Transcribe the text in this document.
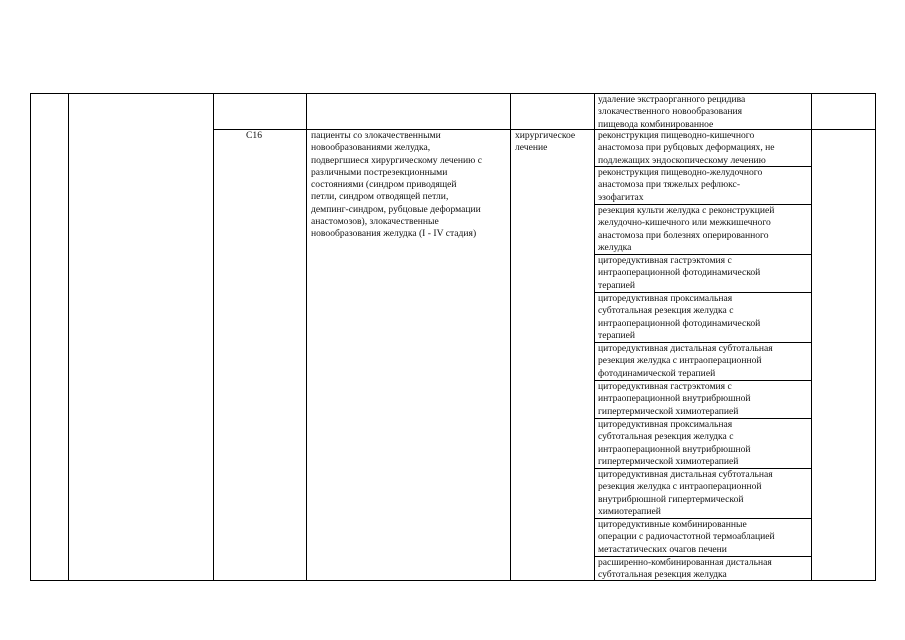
удаление экстраорганного рецидива
злокачественного новообразования
пищевода комбинированное
C16	пациенты со злокачественными
новообразованиями желудка,
подвергшиеся хирургическому лечению с
различными пострезекционными
состояниями (синдром приводящей
петли, синдром отводящей петли,
демпинг-синдром, рубцовые деформации
анастомозов), злокачественные
новообразования желудка (I - IV стадия)
хирургическое
лечение
реконструкция пищеводно-кишечного
анастомоза при рубцовых деформациях, не
подлежащих эндоскопическому лечению
реконструкция пищеводно-желудочного
анастомоза при тяжелых рефлюкс-
эзофагитах
резекция культи желудка с реконструкцией
желудочно-кишечного или межкишечного
анастомоза при болезнях оперированного
желудка
циторедуктивная гастрэктомия с
интраоперационной фотодинамической
терапией
циторедуктивная проксимальная
субтотальная резекция желудка с
интраоперационной фотодинамической
терапией
циторедуктивная дистальная субтотальная
резекция желудка с интраоперационной
фотодинамической терапией
циторедуктивная гастрэктомия с
интраоперационной внутрибрюшной
гипертермической химиотерапией
циторедуктивная проксимальная
субтотальная резекция желудка с
интраоперационной внутрибрюшной
гипертермической химиотерапией
циторедуктивная дистальная субтотальная
резекция желудка с интраоперационной
внутрибрюшной гипертермической
химиотерапией
циторедуктивные комбинированные
операции с радиочастотной термоаблацией
метастатических очагов печени
расширенно-комбинированная дистальная
субтотальная резекция желудка
